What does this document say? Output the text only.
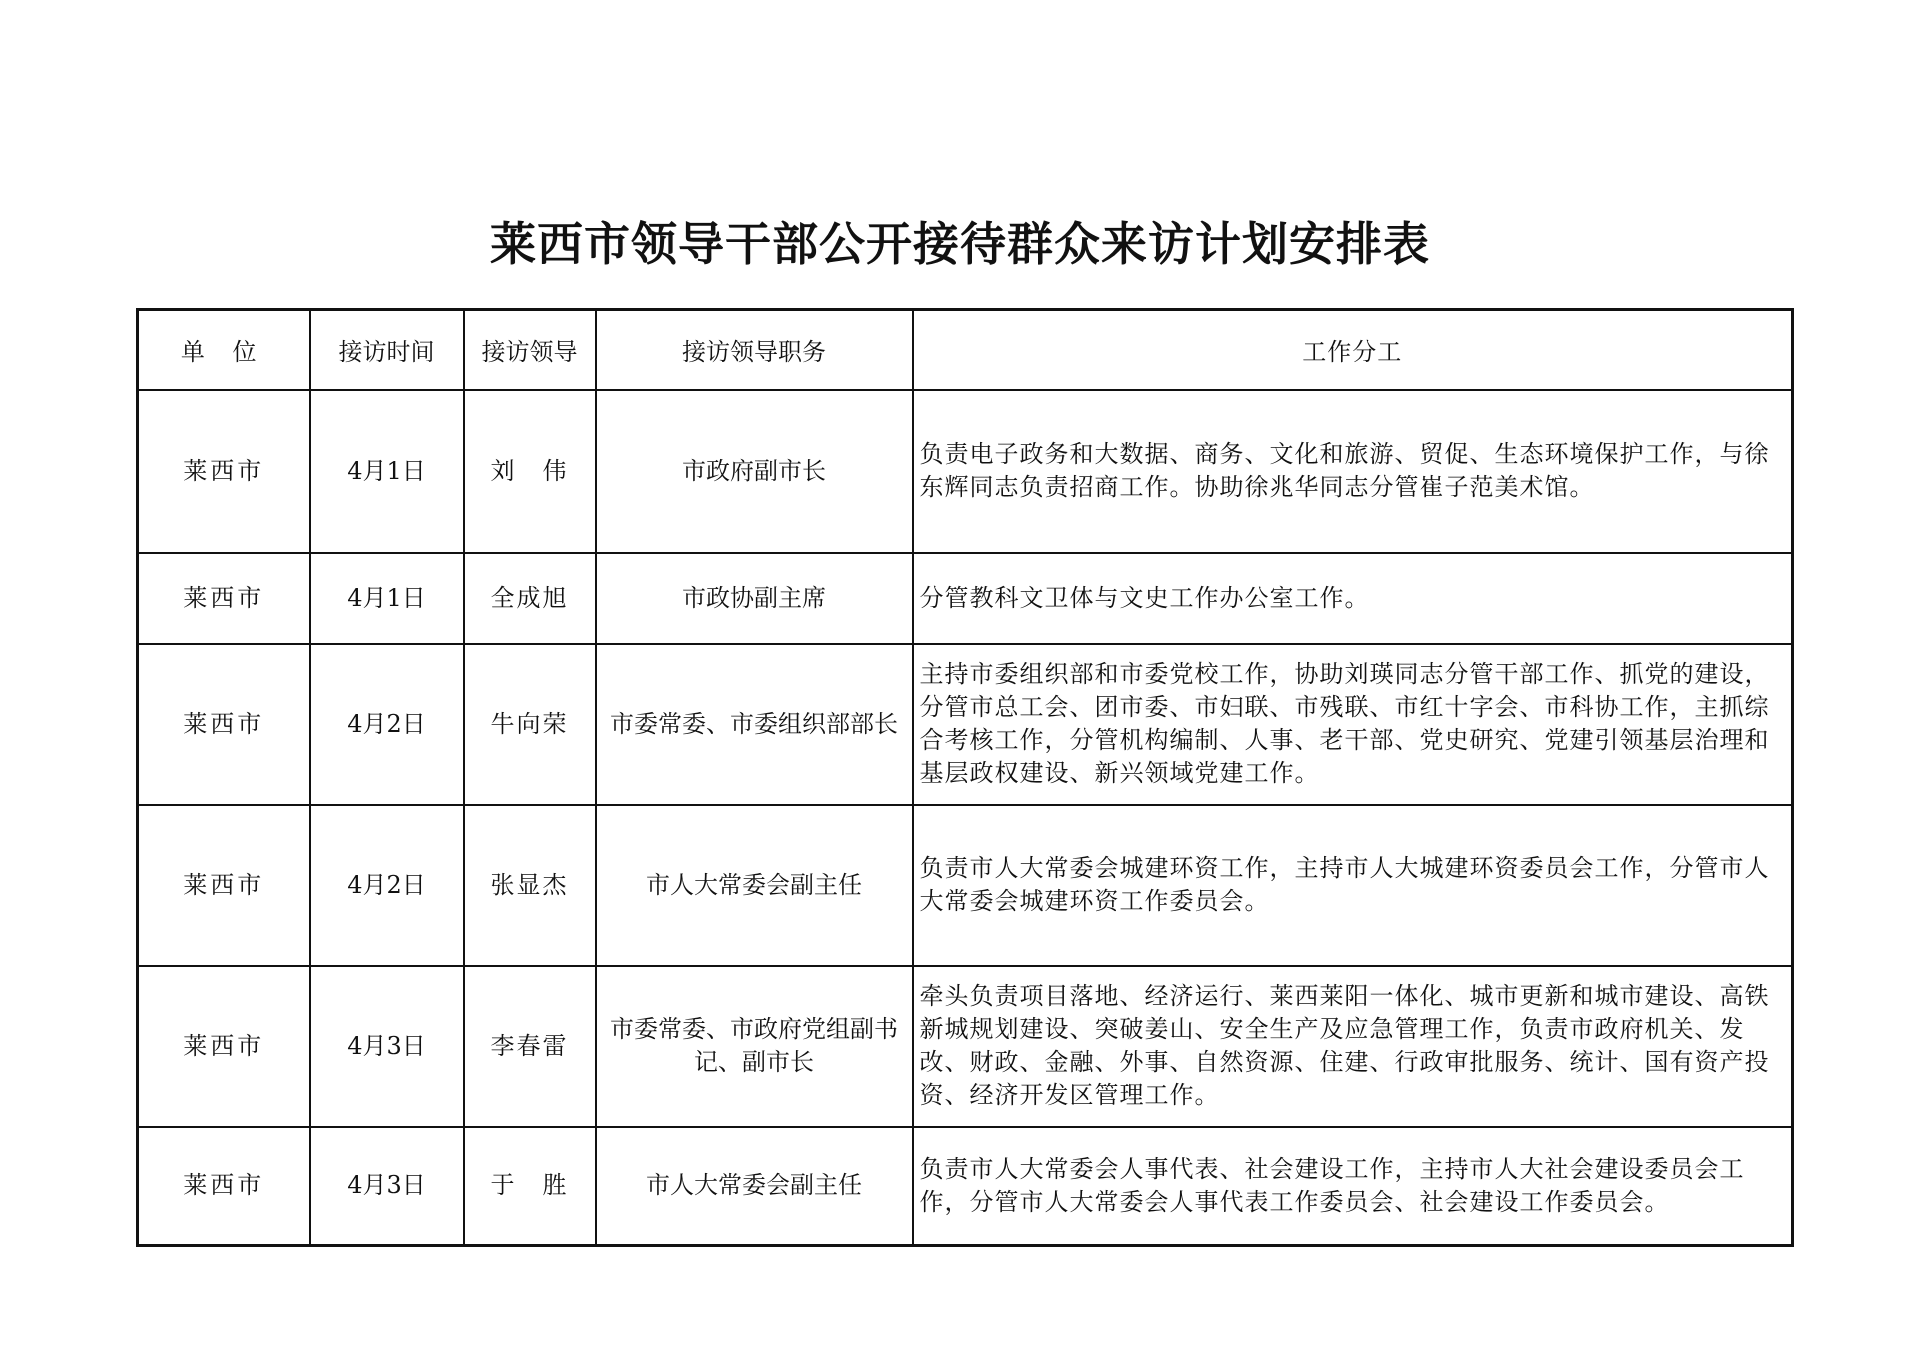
莱西市领导干部公开接待群众来访计划安排表
单 位	接访时间	接访领导	接访领导职务	工作分工
莱西市	4月1日	刘　伟	市政府副市长	负责电子政务和大数据、商务、文化和旅游、贸促、生态环境保护工作，与徐东辉同志负责招商工作。协助徐兆华同志分管崔子范美术馆。
莱西市	4月1日	全成旭	市政协副主席	分管教科文卫体与文史工作办公室工作。
莱西市	4月2日	牛向荣	市委常委、市委组织部部长	主持市委组织部和市委党校工作，协助刘瑛同志分管干部工作、抓党的建设，分管市总工会、团市委、市妇联、市残联、市红十字会、市科协工作，主抓综合考核工作，分管机构编制、人事、老干部、党史研究、党建引领基层治理和基层政权建设、新兴领域党建工作。
莱西市	4月2日	张显杰	市人大常委会副主任	负责市人大常委会城建环资工作，主持市人大城建环资委员会工作，分管市人大常委会城建环资工作委员会。
莱西市	4月3日	李春雷	市委常委、市政府党组副书记、副市长	牵头负责项目落地、经济运行、莱西莱阳一体化、城市更新和城市建设、高铁新城规划建设、突破姜山、安全生产及应急管理工作，负责市政府机关、发改、财政、金融、外事、自然资源、住建、行政审批服务、统计、国有资产投资、经济开发区管理工作。
莱西市	4月3日	于　胜	市人大常委会副主任	负责市人大常委会人事代表、社会建设工作，主持市人大社会建设委员会工作，分管市人大常委会人事代表工作委员会、社会建设工作委员会。
